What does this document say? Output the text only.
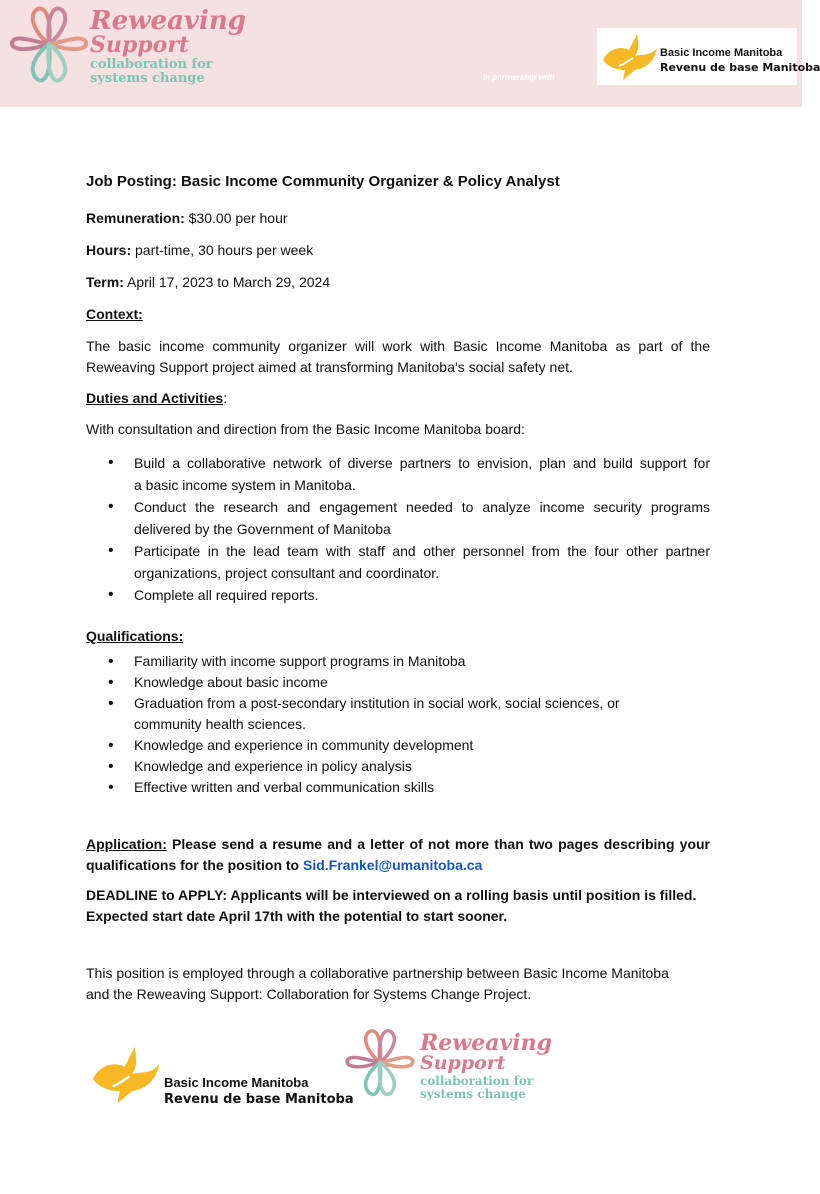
Reweaving
Support
collaboration for
systems change	In partnership with
Basic Income Manitoba
Revenu de base Manitoba
Job Posting: Basic Income Community Organizer & Policy Analyst
Remuneration: $30.00 per hour
Hours: part-time, 30 hours per week
Term: April 17, 2023 to March 29, 2024
Context:
The basic income community organizer will work with Basic Income Manitoba as part of the
Reweaving Support project aimed at transforming Manitoba’s social safety net.
Duties and Activities:
With consultation and direction from the Basic Income Manitoba board:
• Build a collaborative network of diverse partners to envision, plan and build support for
a basic income system in Manitoba.
• Conduct the research and engagement needed to analyze income security programs
delivered by the Government of Manitoba
• Participate in the lead team with staff and other personnel from the four other partner
organizations, project consultant and coordinator.
• Complete all required reports.
Qualifications:
• Familiarity with income support programs in Manitoba
• Knowledge about basic income
• Graduation from a post-secondary institution in social work, social sciences, or
community health sciences.
• Knowledge and experience in community development
• Knowledge and experience in policy analysis
• Effective written and verbal communication skills
Application: Please send a resume and a letter of not more than two pages describing your
qualifications for the position to Sid.Frankel@umanitoba.ca
DEADLINE to APPLY: Applicants will be interviewed on a rolling basis until position is filled.
Expected start date April 17th with the potential to start sooner.
This position is employed through a collaborative partnership between Basic Income Manitoba
and the Reweaving Support: Collaboration for Systems Change Project.
Basic Income Manitoba
Revenu de base Manitoba
Reweaving
Support
collaboration for
systems change
